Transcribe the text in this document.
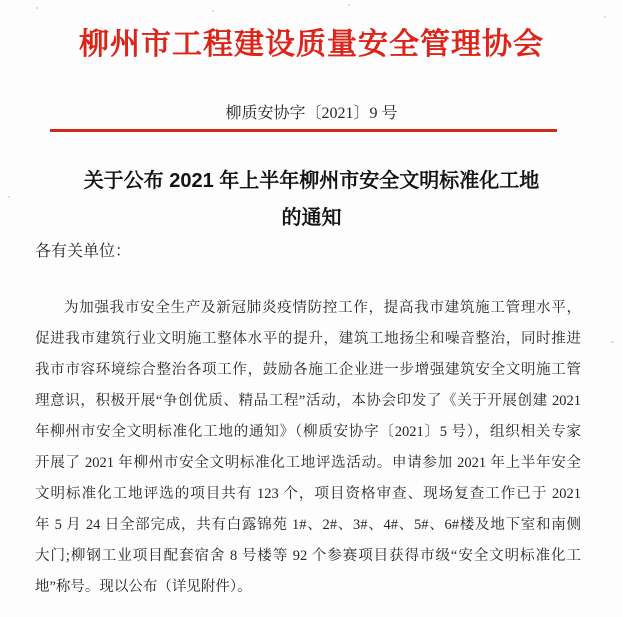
柳州市工程建设质量安全管理协会
柳质安协字〔2021〕9 号
关于公布 2021 年上半年柳州市安全文明标准化工地
的通知
各有关单位：
为加强我市安全生产及新冠肺炎疫情防控工作，提高我市建筑施工管理水平，
促进我市建筑行业文明施工整体水平的提升，建筑工地扬尘和噪音整治，同时推进
我市市容环境综合整治各项工作，鼓励各施工企业进一步增强建筑安全文明施工管
理意识，积极开展“争创优质、精品工程”活动，本协会印发了《关于开展创建 2021
年柳州市安全文明标准化工地的通知》（柳质安协字〔2021〕5 号），组织相关专家
开展了 2021 年柳州市安全文明标准化工地评选活动。申请参加 2021 年上半年安全
文明标准化工地评选的项目共有 123 个，项目资格审查、现场复查工作已于 2021
年 5 月 24 日全部完成，共有白露锦苑 1#、2#、3#、4#、5#、6#楼及地下室和南侧
大门;柳钢工业项目配套宿舍 8 号楼等 92 个参赛项目获得市级“安全文明标准化工
地”称号。现以公布（详见附件）。
